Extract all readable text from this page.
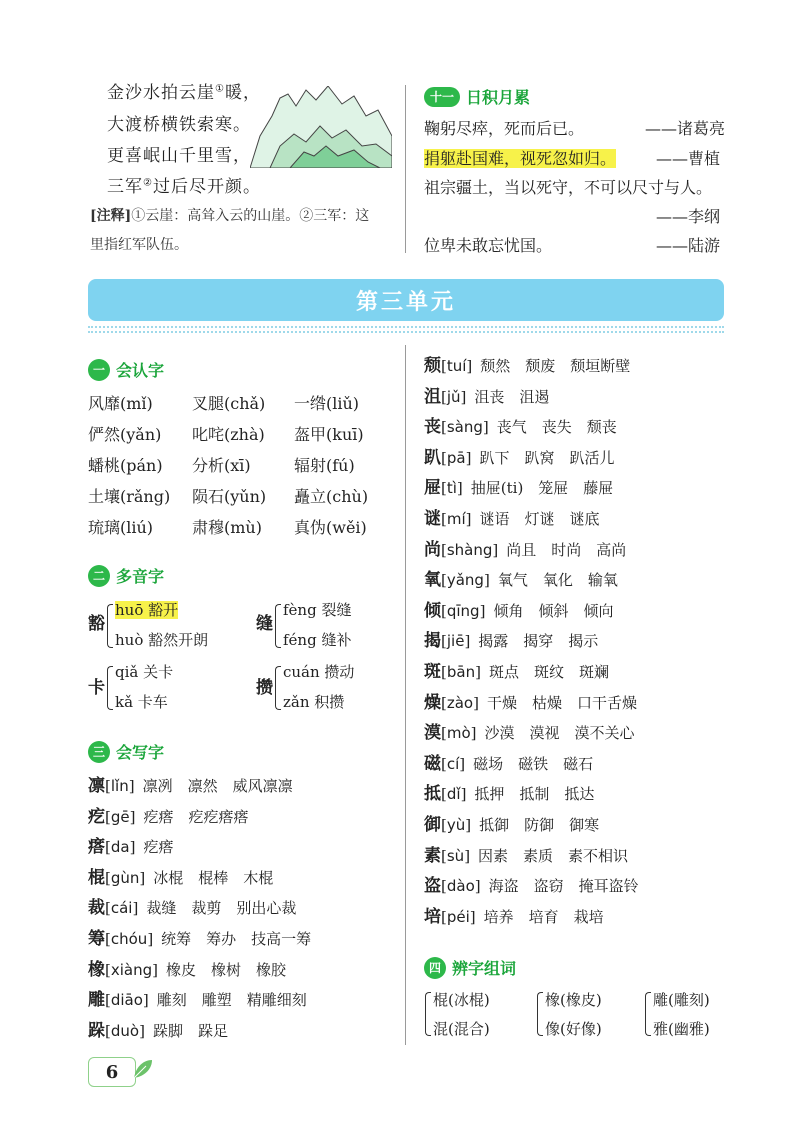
金沙水拍云崖①暖，
大渡桥横铁索寒。
更喜岷山千里雪，
三军②过后尽开颜。
[注释]①云崖：高耸入云的山崖。②三军：这
里指红军队伍。
十一 日积月累
鞠躬尽瘁，死而后已。	——诸葛亮
捐躯赴国难，视死忽如归。 ——曹植
祖宗疆土，当以死守，不可以尺寸与人。
——李纲
位卑未敢忘忧国。	——陆游
第三单元
一 会认字
风靡(mǐ) 叉腿(chǎ) 一绺(liǔ)
俨然(yǎn) 叱咤(zhà) 盔甲(kuī)
蟠桃(pán) 分析(xī)	辐射(fú)
土壤(rǎng) 陨石(yǔn) 矗立(chù)
琉璃(liú) 肃穆(mù) 真伪(wěi)
二 多音字
豁
huō 豁开
huò 豁然开朗
缝
fèng 裂缝
féng 缝补
卡
qiǎ 关卡
kǎ 卡车
攒
cuán 攒动
zǎn 积攒
三 会写字
凛[lǐn] 凛冽　凛然　威风凛凛
疙[gē] 疙瘩　疙疙瘩瘩
瘩[da] 疙瘩
棍[gùn] 冰棍　棍棒　木棍
裁[cái] 裁缝　裁剪　别出心裁
筹[chóu] 统筹　筹办　技高一筹
橡[xiàng] 橡皮　橡树　橡胶
雕[diāo] 雕刻　雕塑　精雕细刻
跺[duò] 跺脚　跺足
颓[tuí] 颓然　颓废　颓垣断壁
沮[jǔ] 沮丧　沮遏
丧[sàng] 丧气　丧失　颓丧
趴[pā] 趴下　趴窝　趴活儿
屉[tì] 抽屉(ti)　笼屉　藤屉
谜[mí] 谜语　灯谜　谜底
尚[shàng] 尚且　时尚　高尚
氧[yǎng] 氧气　氧化　输氧
倾[qīng] 倾角　倾斜　倾向
揭[jiē] 揭露　揭穿　揭示
斑[bān] 斑点　斑纹　斑斓
燥[zào] 干燥　枯燥　口干舌燥
漠[mò] 沙漠　漠视　漠不关心
磁[cí] 磁场　磁铁　磁石
抵[dǐ] 抵押　抵制　抵达
御[yù] 抵御　防御　御寒
素[sù] 因素　素质　素不相识
盗[dào] 海盗　盗窃　掩耳盗铃
培[péi] 培养　培育　栽培
四 辨字组词
棍(冰棍)
混(混合)
橡(橡皮)
像(好像)
雕(雕刻)
雅(幽雅)
6
